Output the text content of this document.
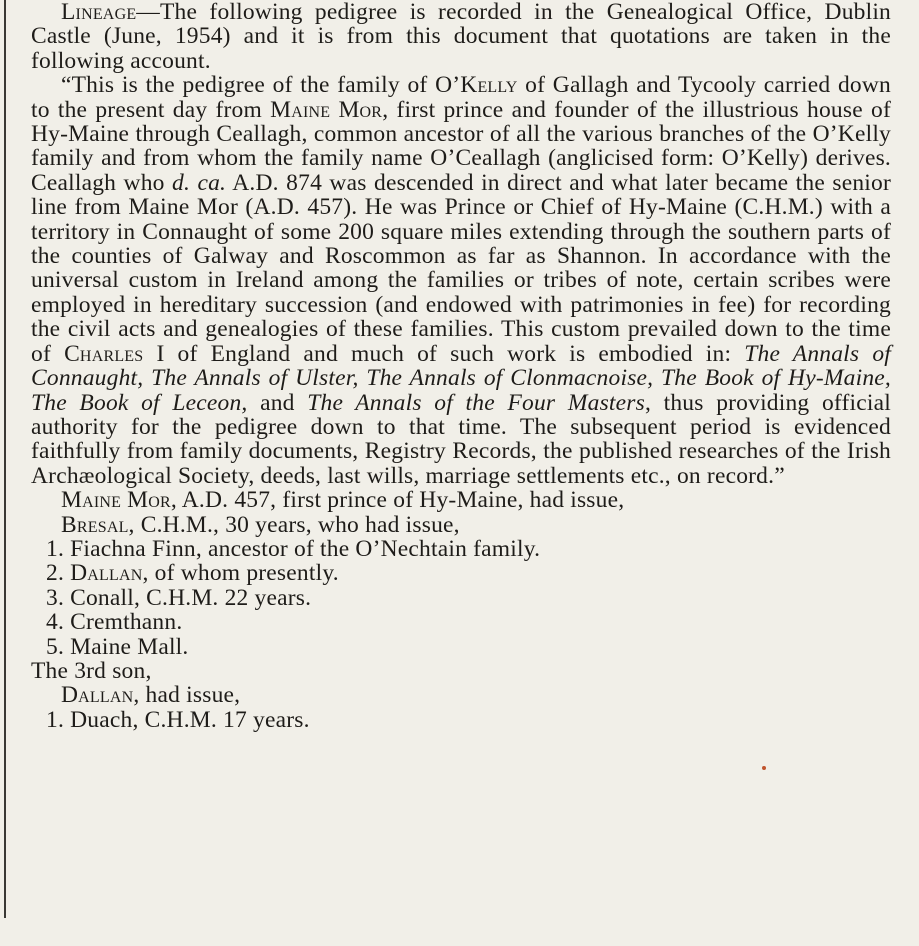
Lineage—The following pedigree is recorded in the Genealogical Office, Dublin Castle (June, 1954) and it is from this document that quotations are taken in the following account.

“This is the pedigree of the family of O’Kelly of Gallagh and Tycooly carried down to the present day from Maine Mor, first prince and founder of the illustrious house of Hy-Maine through Ceallagh, common ancestor of all the various branches of the O’Kelly family and from whom the family name O’Ceallagh (anglicised form: O’Kelly) derives. Ceallagh who d. ca. A.D. 874 was descended in direct and what later became the senior line from Maine Mor (A.D. 457). He was Prince or Chief of Hy-Maine (C.H.M.) with a territory in Connaught of some 200 square miles extending through the southern parts of the counties of Galway and Roscommon as far as Shannon. In accordance with the universal custom in Ireland among the families or tribes of note, certain scribes were employed in hereditary succession (and endowed with patrimonies in fee) for recording the civil acts and genealogies of these families. This custom prevailed down to the time of Charles I of England and much of such work is embodied in: The Annals of Connaught, The Annals of Ulster, The Annals of Clonmacnoise, The Book of Hy-Maine, The Book of Leceon, and The Annals of the Four Masters, thus providing official authority for the pedigree down to that time. The subsequent period is evidenced faithfully from family documents, Registry Records, the published researches of the Irish Archæological Society, deeds, last wills, marriage settlements etc., on record.”

Maine Mor, A.D. 457, first prince of Hy-Maine, had issue,
Bresal, C.H.M., 30 years, who had issue,
1. Fiachna Finn, ancestor of the O’Nechtain family.
2. Dallan, of whom presently.
3. Conall, C.H.M. 22 years.
4. Cremthann.
5. Maine Mall.
The 3rd son,
Dallan, had issue,
1. Duach, C.H.M. 17 years.
